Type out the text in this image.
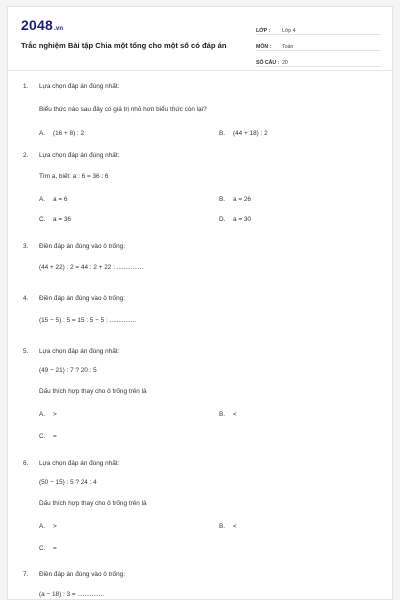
2048.vn
Trắc nghiệm Bài tập Chia một tổng cho một số có đáp án
LỚP :	Lớp 4
MÔN :	Toán
SỐ CÂU : 20
1. Lựa chọn đáp án đúng nhất:
Biểu thức nào sau đây có giá trị nhỏ hơn biểu thức còn lại?
A. (16 + 8) : 2	B. (44 + 18) : 2
2. Lựa chọn đáp án đúng nhất:
Tìm a, biết: a : 6 = 36 : 6
A. a = 6	B. a = 26
C. a = 36	D. a = 30
3. Điền đáp án đúng vào ô trống:
(44 + 22) : 2 = 44 : 2 + 22 : ...............
4. Điền đáp án đúng vào ô trống:
(15 − 5) : 5 = 15 : 5 − 5 : ...............
5. Lựa chọn đáp án đúng nhất:
(49 − 21) : 7 ? 20 : 5
Dấu thích hợp thay cho ô trống trên là
A. >	B. <
C. =
6. Lựa chọn đáp án đúng nhất:
(50 − 15) : 5 ? 24 : 4
Dấu thích hợp thay cho ô trống trên là
A. >	B. <
C. =
7. Điền đáp án đúng vào ô trống:
(a − 18) : 3 = ...............
